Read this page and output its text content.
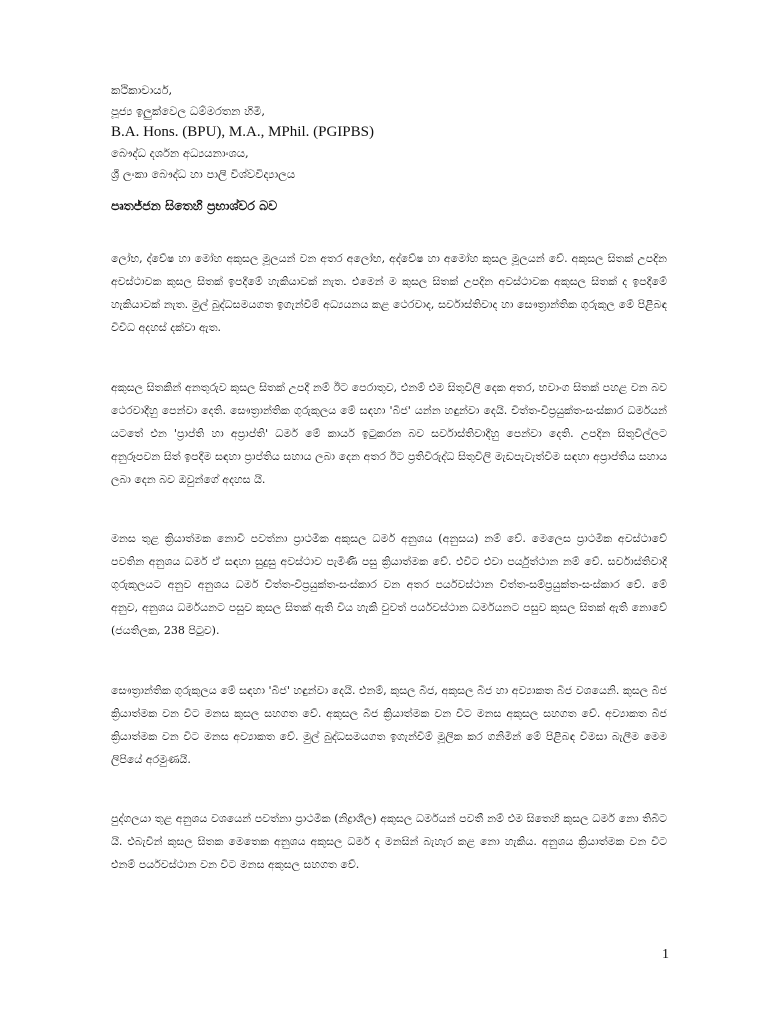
කථිකාචාර්ය,
පූජ්‍ය ඉලුක්වෙල ධම්මරතන හිමි,
B.A. Hons. (BPU), M.A., MPhil. (PGIPBS)
බෞද්ධ දර්ශන අධ්‍යයනාංශය,
ශ්‍රී ලංකා බෞද්ධ හා පාලි විශ්වවිද්‍යාලය
පෘතජ්ජන සිතෙහි ප්‍රභාශ්වර බව

ලෝභ, ද්වේෂ හා මෝහ අකුසල මූලයන් වන අතර අලෝභ, අද්වේෂ හා අමෝහ කුසල මූලයන් වේ. අකුසල සිතක් උපදින අවස්ථාවක කුසල සිතක් ඉපදීමේ හැකියාවක් නැත. එමෙන් ම කුසල සිතක් උපදින අවස්ථාවක අකුසල සිතක් ද ඉපදීමේ හැකියාවක් නැත. මුල් බුද්ධසමයගත ඉගැන්වීම් අධ්‍යයනය කළ ථෙරවාද, සර්වාස්තිවාද හා සෞත්‍රාන්තික ගුරුකුල මේ පිළිබඳ විවිධ අදහස් දක්වා ඇත.

අකුසල සිතකින් අනතුරුව කුසල සිතක් උපදී නම් ඊට පෙරාතුව, එනම් එම සිතුවිලි දෙක අතර, භවාංග සිතක් පහළ වන බව ථෙරවාදීහු පෙන්වා දෙති. සෞත්‍රාන්තික ගුරුකුලය මේ සඳහා 'බීජ' යන්න හඳුන්වා දෙයි. චිත්ත-විප්‍රයුක්ත-සංස්කාර ධර්මයන් යටතේ එන 'ප්‍රාප්ති හා අප්‍රාප්ති' ධර්ම මේ කාර්ය ඉටුකරන බව සර්වාස්තිවාදීහු පෙන්වා දෙති. උපදින සිතුවිල්ලට අනුරූපවන සිත් ඉපදීම සඳහා ප්‍රාප්තිය සහාය ලබා දෙන අතර ඊට ප්‍රතිවිරුද්ධ සිතුවිලි මැඩපැවැත්වීම සඳහා අප්‍රාප්තිය සහාය ලබා දෙන බව ඔවුන්ගේ අදහස යි.

මනස තුළ ක්‍රියාත්මක නොවී පවත්නා ප්‍රාථමික අකුසල ධර්ම අනුශය (අනුසය) නම් වේ. මෙලෙස ප්‍රාථමික අවස්ථාවේ පවතින අනුශය ධර්ම ඒ සඳහා සුදුසු අවස්ථාව පැමිණි පසු ක්‍රියාත්මක වේ. එවිට එවා පර්යුත්ථාන නම් වේ. සර්වාස්තිවාදී ගුරුකුලයට අනුව අනුශය ධර්ම චිත්ත-විප්‍රයුක්ත-සංස්කාර වන අතර පර්යවස්ථාන චිත්ත-සම්ප්‍රයුක්ත-සංස්කාර වේ. මේ අනුව, අනුශය ධර්මයනට පසුව කුසල සිතක් ඇති විය හැකි වුවත් පර්යවස්ථාන ධර්මයනට පසුව කුසල සිතක් ඇති නොවේ (ජයතිලක, 238 පිටුව).

සෞත්‍රාන්තික ගුරුකුලය මේ සඳහා 'බීජ' හඳුන්වා දෙයි. එනම්, කුසල බීජ, අකුසල බීජ හා අව්‍යාකත බීජ වශයෙනි. කුසල බීජ ක්‍රියාත්මක වන විට මනස කුසල සහගත වේ. අකුසල බීජ ක්‍රියාත්මක වන විට මනස අකුසල සහගත වේ. අව්‍යාකත බීජ ක්‍රියාත්මක වන විට මනස අව්‍යාකත වේ. මුල් බුද්ධසමයගත ඉගැන්වීම් මූලික කර ගනිමින් මේ පිළිබඳ විමසා බැලීම මෙම ලිපියේ අරමුණයි.

පුද්ගලයා තුළ අනුශය වශයෙන් පවත්නා ප්‍රාථමික (නිද්‍රාශීල) අකුසල ධර්මයන් පවතී නම් එම සිතෙහි කුසල ධර්ම නො තිබිට යි. එබැවින් කුසල සිතක මෙතෙක අනුශය අකුසල ධර්ම ද මනසින් බැහැර කළ නො හැකිය. අනුශය ක්‍රියාත්මක වන විට එනම් පර්යවස්ථාන වන විට මනස අකුසල සහගත වේ.

1
